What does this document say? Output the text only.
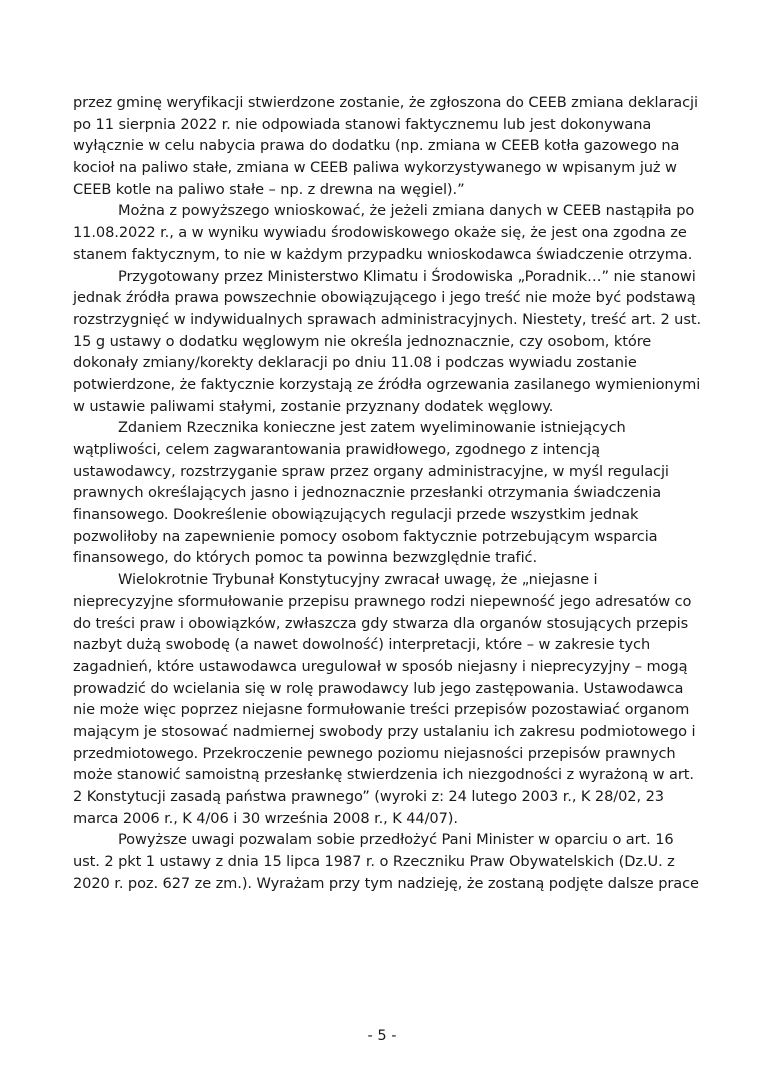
przez gminę weryfikacji stwierdzone zostanie, że zgłoszona do CEEB zmiana deklaracji
po 11 sierpnia 2022 r. nie odpowiada stanowi faktycznemu lub jest dokonywana
wyłącznie w celu nabycia prawa do dodatku (np. zmiana w CEEB kotła gazowego na
kocioł na paliwo stałe, zmiana w CEEB paliwa wykorzystywanego w wpisanym już w
CEEB kotle na paliwo stałe – np. z drewna na węgiel).”
Można z powyższego wnioskować, że jeżeli zmiana danych w CEEB nastąpiła po
11.08.2022 r., a w wyniku wywiadu środowiskowego okaże się, że jest ona zgodna ze
stanem faktycznym, to nie w każdym przypadku wnioskodawca świadczenie otrzyma.
Przygotowany przez Ministerstwo Klimatu i Środowiska „Poradnik…” nie stanowi
jednak źródła prawa powszechnie obowiązującego i jego treść nie może być podstawą
rozstrzygnięć w indywidualnych sprawach administracyjnych. Niestety, treść art. 2 ust.
15 g ustawy o dodatku węglowym nie określa jednoznacznie, czy osobom, które
dokonały zmiany/korekty deklaracji po dniu 11.08 i podczas wywiadu zostanie
potwierdzone, że faktycznie korzystają ze źródła ogrzewania zasilanego wymienionymi
w ustawie paliwami stałymi, zostanie przyznany dodatek węglowy.
Zdaniem Rzecznika konieczne jest zatem wyeliminowanie istniejących
wątpliwości, celem zagwarantowania prawidłowego, zgodnego z intencją
ustawodawcy, rozstrzyganie spraw przez organy administracyjne, w myśl regulacji
prawnych określających jasno i jednoznacznie przesłanki otrzymania świadczenia
finansowego. Dookreślenie obowiązujących regulacji przede wszystkim jednak
pozwoliłoby na zapewnienie pomocy osobom faktycznie potrzebującym wsparcia
finansowego, do których pomoc ta powinna bezwzględnie trafić.
Wielokrotnie Trybunał Konstytucyjny zwracał uwagę, że „niejasne i
nieprecyzyjne sformułowanie przepisu prawnego rodzi niepewność jego adresatów co
do treści praw i obowiązków, zwłaszcza gdy stwarza dla organów stosujących przepis
nazbyt dużą swobodę (a nawet dowolność) interpretacji, które – w zakresie tych
zagadnień, które ustawodawca uregulował w sposób niejasny i nieprecyzyjny – mogą
prowadzić do wcielania się w rolę prawodawcy lub jego zastępowania. Ustawodawca
nie może więc poprzez niejasne formułowanie treści przepisów pozostawiać organom
mającym je stosować nadmiernej swobody przy ustalaniu ich zakresu podmiotowego i
przedmiotowego. Przekroczenie pewnego poziomu niejasności przepisów prawnych
może stanowić samoistną przesłankę stwierdzenia ich niezgodności z wyrażoną w art.
2 Konstytucji zasadą państwa prawnego” (wyroki z: 24 lutego 2003 r., K 28/02, 23
marca 2006 r., K 4/06 i 30 września 2008 r., K 44/07).
Powyższe uwagi pozwalam sobie przedłożyć Pani Minister w oparciu o art. 16
ust. 2 pkt 1 ustawy z dnia 15 lipca 1987 r. o Rzeczniku Praw Obywatelskich (Dz.U. z
2020 r. poz. 627 ze zm.). Wyrażam przy tym nadzieję, że zostaną podjęte dalsze prace
- 5 -
